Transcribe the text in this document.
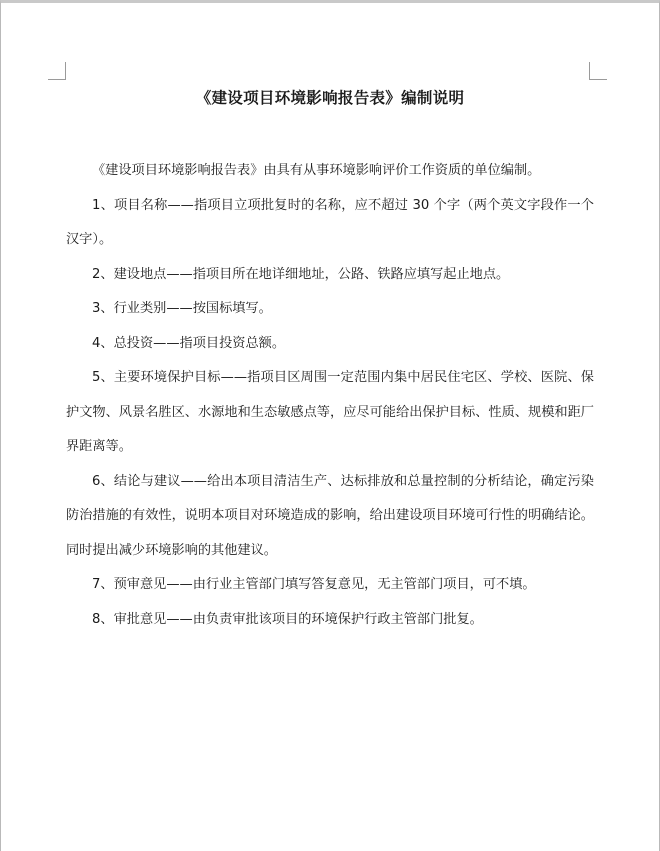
《建设项目环境影响报告表》编制说明

《建设项目环境影响报告表》由具有从事环境影响评价工作资质的单位编制。

1、项目名称——指项目立项批复时的名称，应不超过 30 个字（两个英文字段作一个汉字）。

2、建设地点——指项目所在地详细地址，公路、铁路应填写起止地点。

3、行业类别——按国标填写。

4、总投资——指项目投资总额。

5、主要环境保护目标——指项目区周围一定范围内集中居民住宅区、学校、医院、保护文物、风景名胜区、水源地和生态敏感点等，应尽可能给出保护目标、性质、规模和距厂界距离等。

6、结论与建议——给出本项目清洁生产、达标排放和总量控制的分析结论，确定污染防治措施的有效性，说明本项目对环境造成的影响，给出建设项目环境可行性的明确结论。同时提出减少环境影响的其他建议。

7、预审意见——由行业主管部门填写答复意见，无主管部门项目，可不填。

8、审批意见——由负责审批该项目的环境保护行政主管部门批复。
